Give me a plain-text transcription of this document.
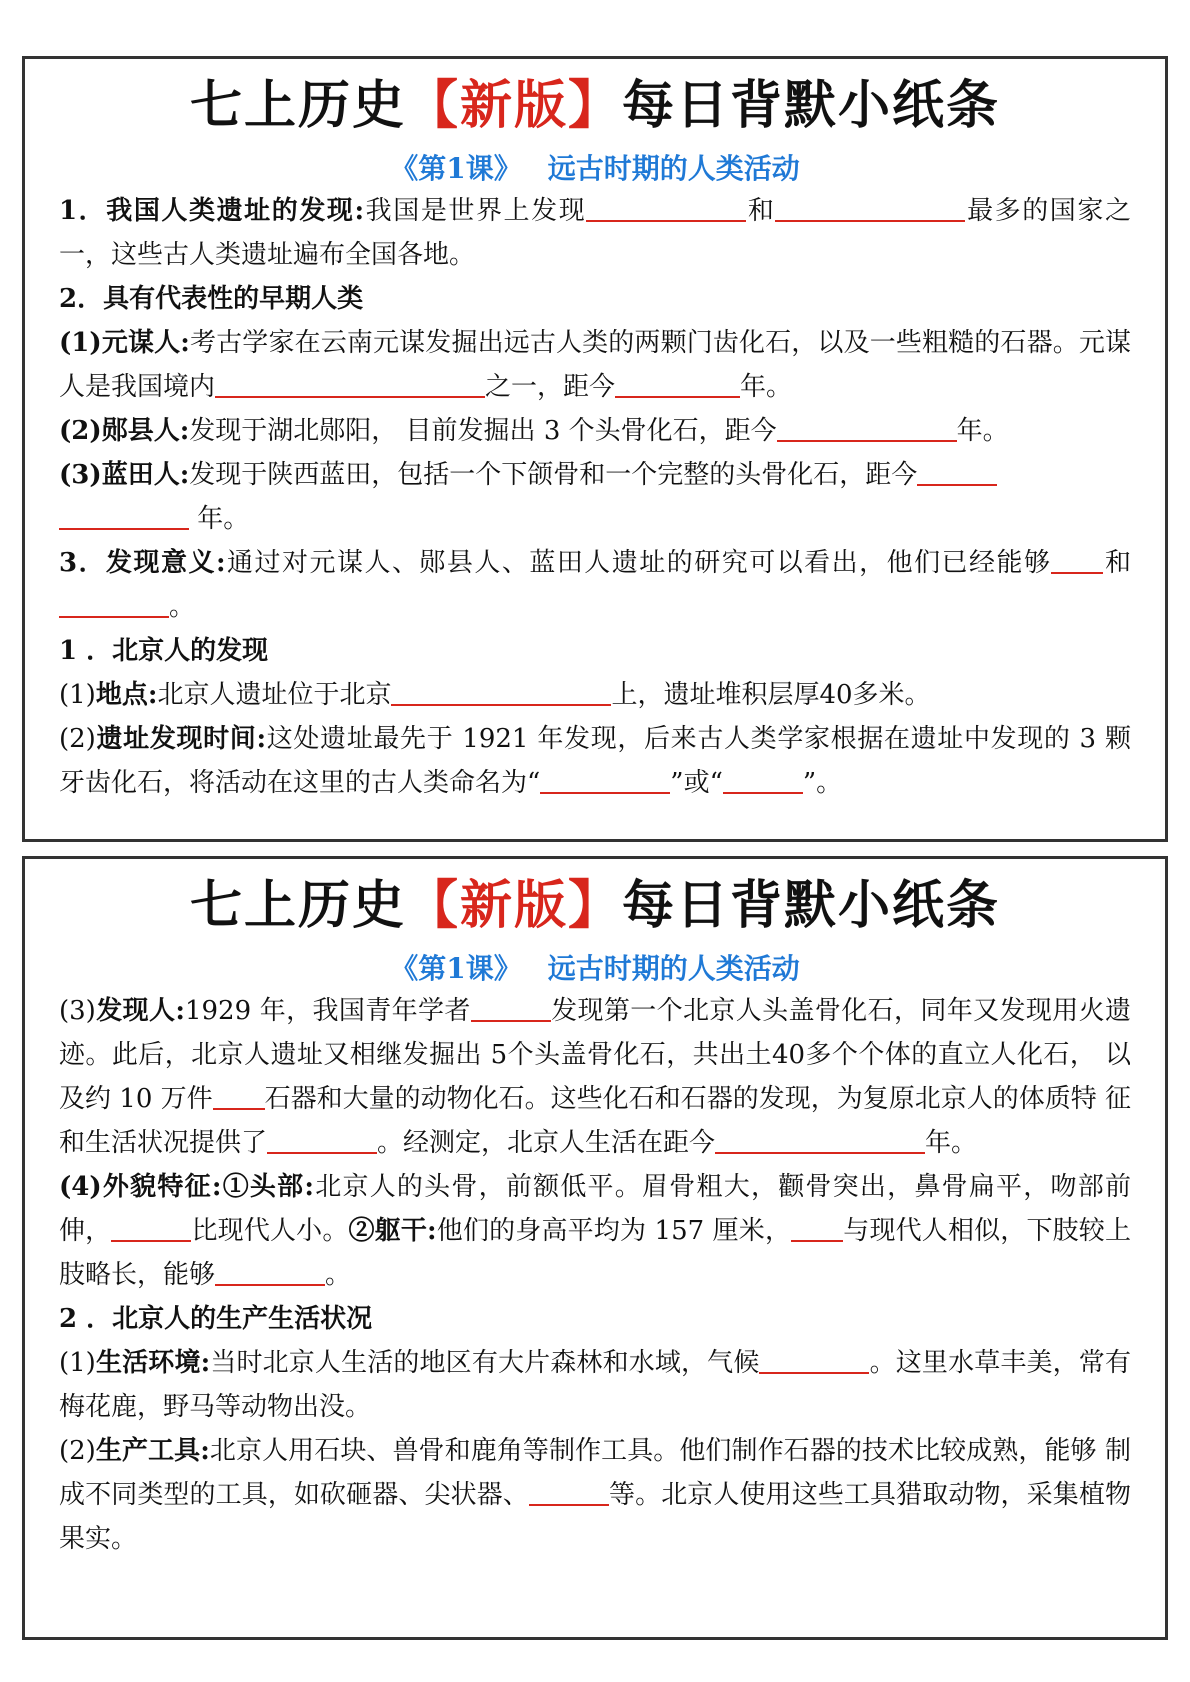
七上历史【新版】每日背默小纸条
《第1课》 远古时期的人类活动

1．我国人类遗址的发现:我国是世界上发现	和	最多的国家之一，这些古人类遗址遍布全国各地。

2．具有代表性的早期人类

(1)元谋人:考古学家在云南元谋发掘出远古人类的两颗门齿化石，以及一些粗糙的石器。元谋人是我国境内	之一，距今	年。

(2)郧县人:发现于湖北郧阳， 目前发掘出 3 个头骨化石，距今	年。

(3)蓝田人:发现于陕西蓝田，包括一个下颌骨和一个完整的头骨化石，距今
年。

3．发现意义:通过对元谋人、郧县人、蓝田人遗址的研究可以看出，他们已经能够 和。

1 ．北京人的发现

(1)地点:北京人遗址位于北京	上，遗址堆积层厚40多米。

(2)遗址发现时间:这处遗址最先于 1921 年发现，后来古人类学家根据在遗址中发现的 3 颗牙齿化石，将活动在这里的古人类命名为“	”或“	”。

七上历史【新版】每日背默小纸条
《第1课》 远古时期的人类活动

(3)发现人:1929 年，我国青年学者	发现第一个北京人头盖骨化石，同年又发现用火遗迹。此后，北京人遗址又相继发掘出 5个头盖骨化石，共出土40多个个体的直立人化石， 以及约 10 万件 石器和大量的动物化石。这些化石和石器的发现，为复原北京人的体质特 征和生活状况提供了	。经测定，北京人生活在距今	年。

(4)外貌特征:①头部:北京人的头骨，前额低平。眉骨粗大，颧骨突出，鼻骨扁平，吻部前伸，	比现代人小。②躯干:他们的身高平均为 157 厘米， 与现代人相似，下肢较上肢略长，能够	。

2 ．北京人的生产生活状况

(1)生活环境:当时北京人生活的地区有大片森林和水域，气候	。这里水草丰美，常有梅花鹿，野马等动物出没。

(2)生产工具:北京人用石块、兽骨和鹿角等制作工具。他们制作石器的技术比较成熟，能够 制成不同类型的工具，如砍砸器、尖状器、	等。北京人使用这些工具猎取动物，采集植物果实。
